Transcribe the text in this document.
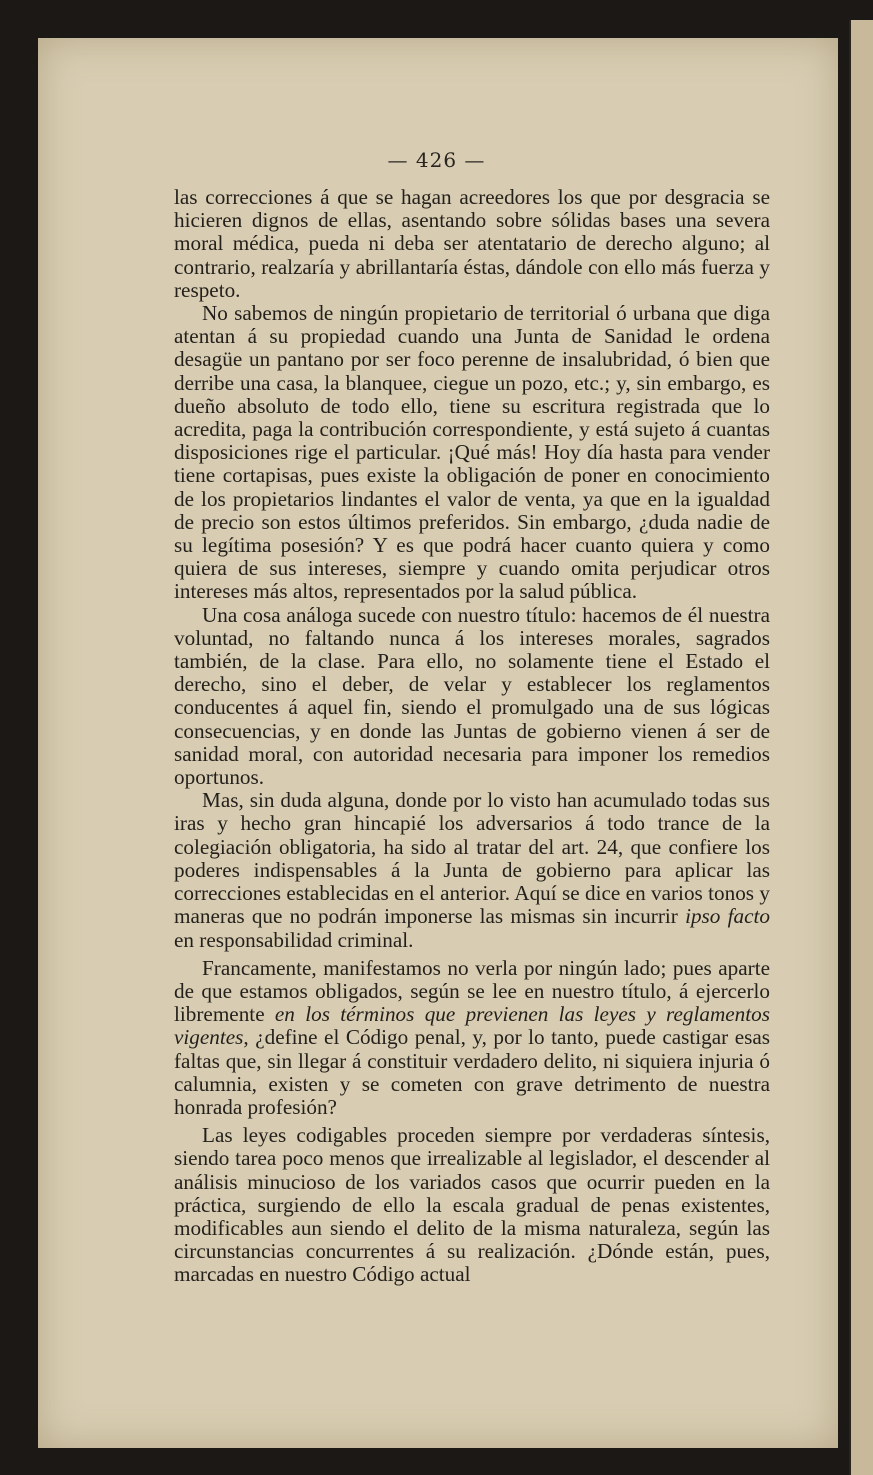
— 426 —

las correcciones á que se hagan acreedores los que por desgracia se hicieren dignos de ellas, asentando sobre sólidas bases una severa moral médica, pueda ni deba ser atentatario de derecho alguno; al contrario, realzaría y abrillantaría éstas, dándole con ello más fuerza y respeto.

No sabemos de ningún propietario de territorial ó urbana que diga atentan á su propiedad cuando una Junta de Sanidad le ordena desagüe un pantano por ser foco perenne de insalubridad, ó bien que derribe una casa, la blanquee, ciegue un pozo, etc.; y, sin embargo, es dueño absoluto de todo ello, tiene su escritura registrada que lo acredita, paga la contribución correspondiente, y está sujeto á cuantas disposiciones rige el particular. ¡Qué más! Hoy día hasta para vender tiene cortapisas, pues existe la obligación de poner en conocimiento de los propietarios lindantes el valor de venta, ya que en la igualdad de precio son estos últimos preferidos. Sin embargo, ¿duda nadie de su legítima posesión? Y es que podrá hacer cuanto quiera y como quiera de sus intereses, siempre y cuando omita perjudicar otros intereses más altos, representados por la salud pública.

Una cosa análoga sucede con nuestro título: hacemos de él nuestra voluntad, no faltando nunca á los intereses morales, sagrados también, de la clase. Para ello, no solamente tiene el Estado el derecho, sino el deber, de velar y establecer los reglamentos conducentes á aquel fin, siendo el promulgado una de sus lógicas consecuencias, y en donde las Juntas de gobierno vienen á ser de sanidad moral, con autoridad necesaria para imponer los remedios oportunos.

Mas, sin duda alguna, donde por lo visto han acumulado todas sus iras y hecho gran hincapié los adversarios á todo trance de la colegiación obligatoria, ha sido al tratar del art. 24, que confiere los poderes indispensables á la Junta de gobierno para aplicar las correcciones establecidas en el anterior. Aquí se dice en varios tonos y maneras que no podrán imponerse las mismas sin incurrir ipso facto en responsabilidad criminal.

Francamente, manifestamos no verla por ningún lado; pues aparte de que estamos obligados, según se lee en nuestro título, á ejercerlo libremente en los términos que previenen las leyes y reglamentos vigentes, ¿define el Código penal, y, por lo tanto, puede castigar esas faltas que, sin llegar á constituir verdadero delito, ni siquiera injuria ó calumnia, existen y se cometen con grave detrimento de nuestra honrada profesión?

Las leyes codigables proceden siempre por verdaderas síntesis, siendo tarea poco menos que irrealizable al legislador, el descender al análisis minucioso de los variados casos que ocurrir pueden en la práctica, surgiendo de ello la escala gradual de penas existentes, modificables aun siendo el delito de la misma naturaleza, según las circunstancias concurrentes á su realización. ¿Dónde están, pues, marcadas en nuestro Código actual
